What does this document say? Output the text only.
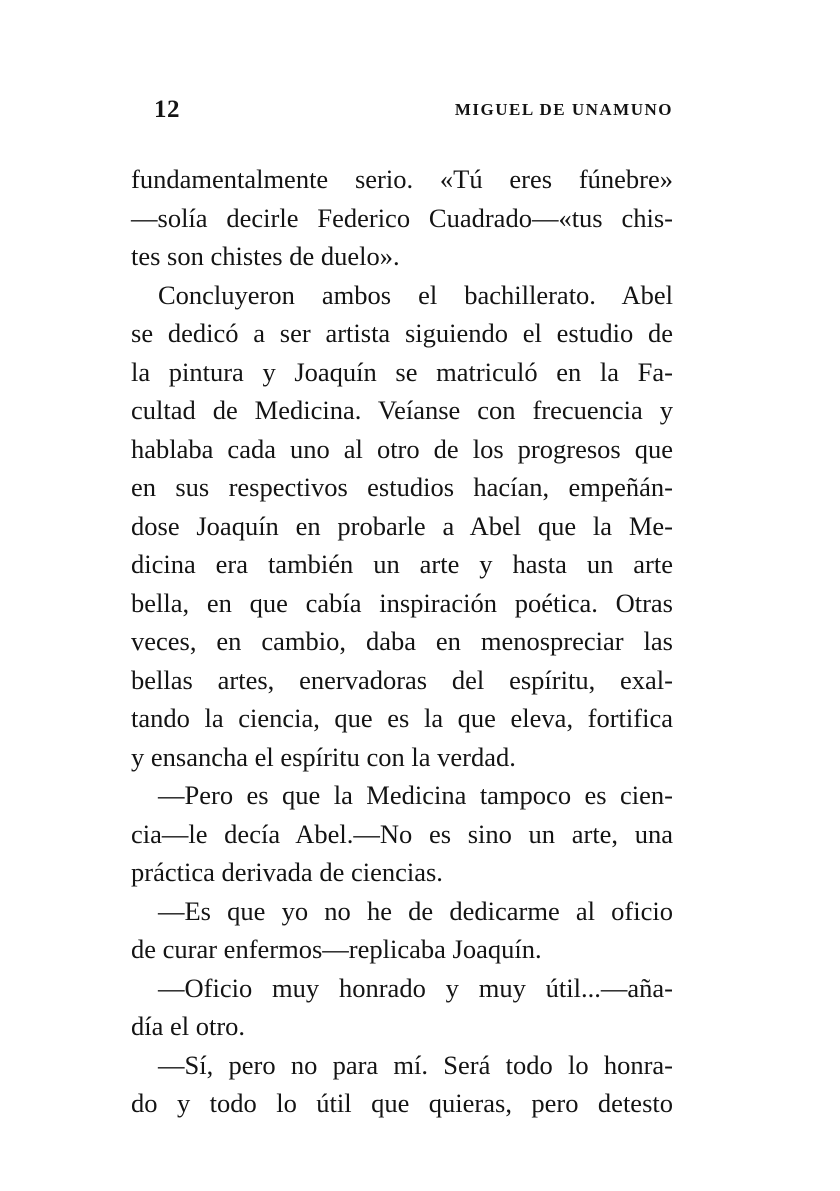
12	MIGUEL DE UNAMUNO
fundamentalmente serio. «Tú eres fúnebre»
—solía decirle Federico Cuadrado—«tus chis-
tes son chistes de duelo».
Concluyeron ambos el bachillerato. Abel
se dedicó a ser artista siguiendo el estudio de
la pintura y Joaquín se matriculó en la Fa-
cultad de Medicina. Veíanse con frecuencia y
hablaba cada uno al otro de los progresos que
en sus respectivos estudios hacían, empeñán-
dose Joaquín en probarle a Abel que la Me-
dicina era también un arte y hasta un arte
bella, en que cabía inspiración poética. Otras
veces, en cambio, daba en menospreciar las
bellas artes, enervadoras del espíritu, exal-
tando la ciencia, que es la que eleva, fortifica
y ensancha el espíritu con la verdad.
—Pero es que la Medicina tampoco es cien-
cia—le decía Abel.—No es sino un arte, una
práctica derivada de ciencias.
—Es que yo no he de dedicarme al oficio
de curar enfermos—replicaba Joaquín.
—Oficio muy honrado y muy útil...—aña-
día el otro.
—Sí, pero no para mí. Será todo lo honra-
do y todo lo útil que quieras, pero detesto
